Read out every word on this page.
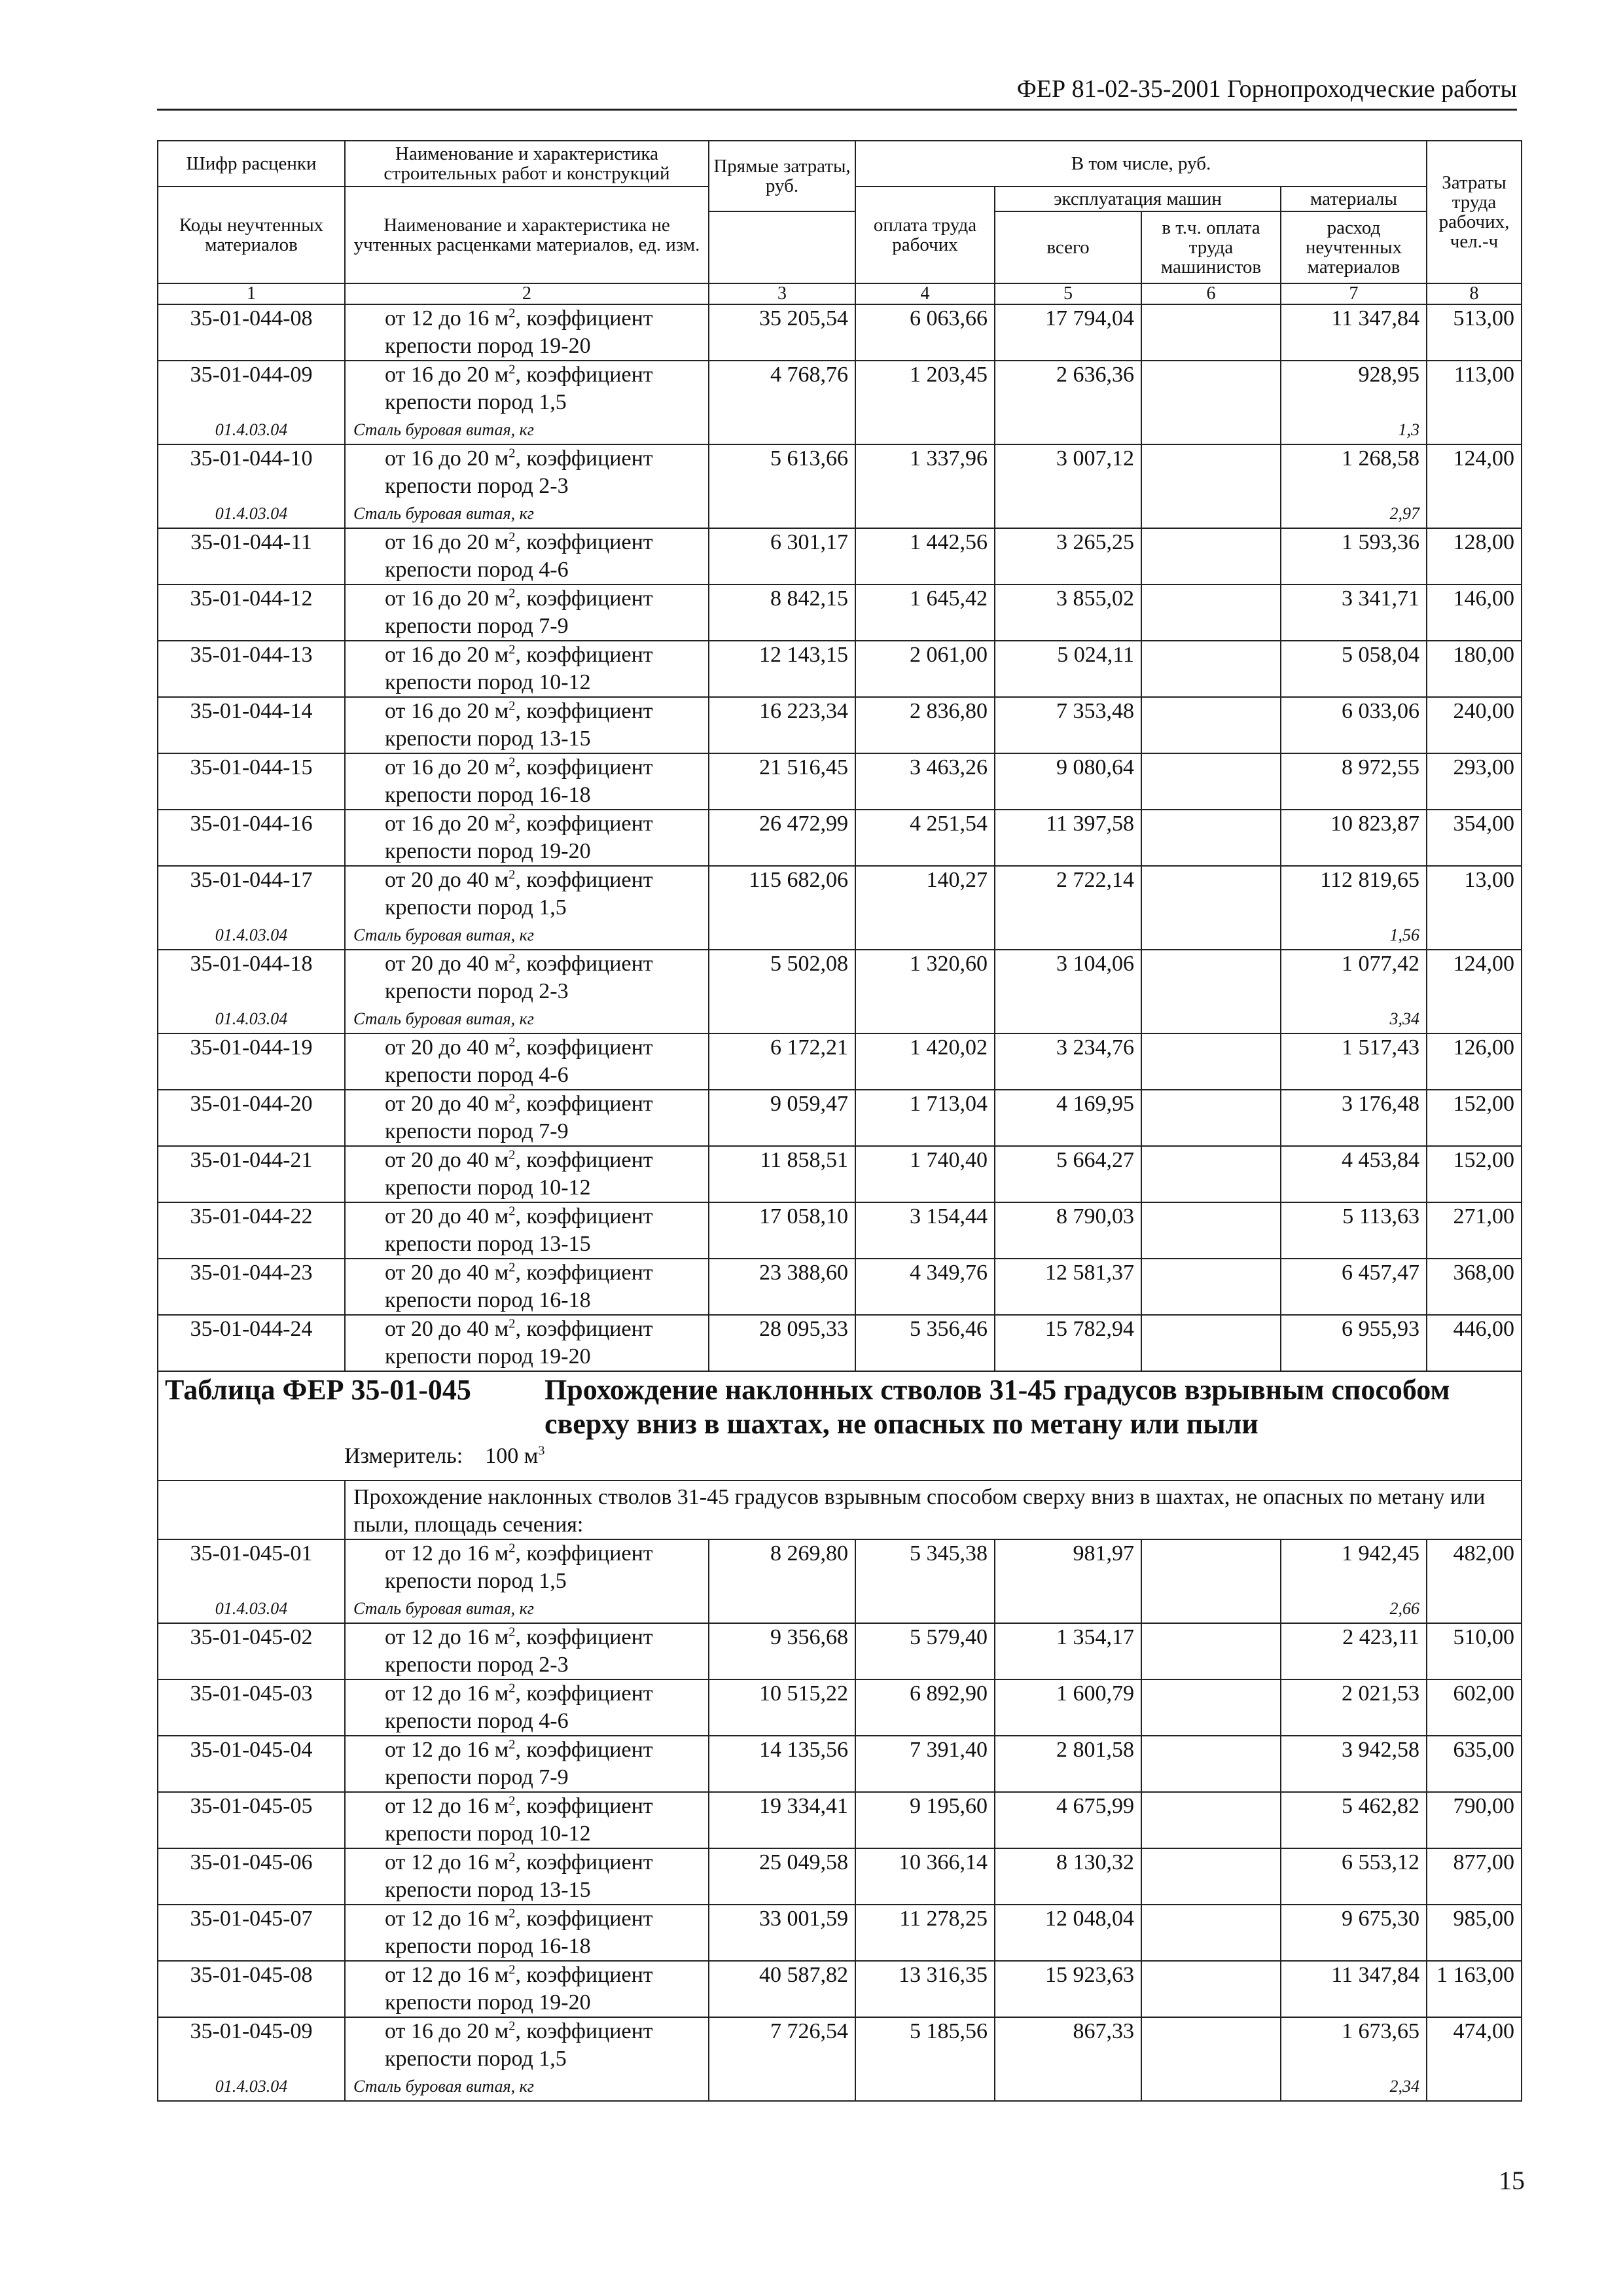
ФЕР 81-02-35-2001 Горнопроходческие работы
Шифр расценки	Наименование и характеристика строительных работ и конструкций	Прямые затраты, руб.	В том числе, руб.				Затраты труда рабочих, чел.-ч
Коды неучтенных материалов	Наименование и характеристика не учтенных расценками материалов, ед. изм.		оплата труда рабочих	эксплуатация машин		материалы	
				всего	в т.ч. оплата труда машинистов	расход неучтенных материалов	
1	2	3	4	5	6	7	8
35-01-044-08	от 12 до 16 $м^2$, коэффициент
крепости пород 19-20	35 205,54	6 063,66	17 794,04		11 347,84	513,00
35-01-044-09	от 16 до 20 $м^2$, коэффициент
крепости пород 1,5	4 768,76	1 203,45	2 636,36		928,95	113,00
01.4.03.04	Сталь буровая витая, кг					1,3	
35-01-044-10	от 16 до 20 $м^2$, коэффициент
крепости пород 2-3	5 613,66	1 337,96	3 007,12		1 268,58	124,00
01.4.03.04	Сталь буровая витая, кг					2,97	
35-01-044-11	от 16 до 20 $м^2$, коэффициент
крепости пород 4-6	6 301,17	1 442,56	3 265,25		1 593,36	128,00
35-01-044-12	от 16 до 20 $м^2$, коэффициент
крепости пород 7-9	8 842,15	1 645,42	3 855,02		3 341,71	146,00
35-01-044-13	от 16 до 20 $м^2$, коэффициент
крепости пород 10-12	12 143,15	2 061,00	5 024,11		5 058,04	180,00
35-01-044-14	от 16 до 20 $м^2$, коэффициент
крепости пород 13-15	16 223,34	2 836,80	7 353,48		6 033,06	240,00
35-01-044-15	от 16 до 20 $м^2$, коэффициент
крепости пород 16-18	21 516,45	3 463,26	9 080,64		8 972,55	293,00
35-01-044-16	от 16 до 20 $м^2$, коэффициент
крепости пород 19-20	26 472,99	4 251,54	11 397,58		10 823,87	354,00
35-01-044-17	от 20 до 40 $м^2$, коэффициент
крепости пород 1,5	115 682,06	140,27	2 722,14		112 819,65	13,00
01.4.03.04	Сталь буровая витая, кг					1,56	
35-01-044-18	от 20 до 40 $м^2$, коэффициент
крепости пород 2-3	5 502,08	1 320,60	3 104,06		1 077,42	124,00
01.4.03.04	Сталь буровая витая, кг					3,34	
35-01-044-19	от 20 до 40 $м^2$, коэффициент
крепости пород 4-6	6 172,21	1 420,02	3 234,76		1 517,43	126,00
35-01-044-20	от 20 до 40 $м^2$, коэффициент
крепости пород 7-9	9 059,47	1 713,04	4 169,95		3 176,48	152,00
35-01-044-21	от 20 до 40 $м^2$, коэффициент
крепости пород 10-12	11 858,51	1 740,40	5 664,27		4 453,84	152,00
35-01-044-22	от 20 до 40 $м^2$, коэффициент
крепости пород 13-15	17 058,10	3 154,44	8 790,03		5 113,63	271,00
35-01-044-23	от 20 до 40 $м^2$, коэффициент
крепости пород 16-18	23 388,60	4 349,76	12 581,37		6 457,47	368,00
35-01-044-24	от 20 до 40 $м^2$, коэффициент
крепости пород 19-20	28 095,33	5 356,46	15 782,94		6 955,93	446,00

Таблица ФЕР 35-01-045 Прохождение наклонных стволов 31-45 градусов взрывным способом сверху вниз в шахтах, не опасных по метану или пыли
Измеритель: 100 $м^3$

	Прохождение наклонных стволов 31-45 градусов взрывным способом сверху вниз в шахтах, не опасных по метану или пыли, площадь сечения:						
35-01-045-01	от 12 до 16 $м^2$, коэффициент
крепости пород 1,5	8 269,80	5 345,38	981,97		1 942,45	482,00
01.4.03.04	Сталь буровая витая, кг					2,66	
35-01-045-02	от 12 до 16 $м^2$, коэффициент
крепости пород 2-3	9 356,68	5 579,40	1 354,17		2 423,11	510,00
35-01-045-03	от 12 до 16 $м^2$, коэффициент
крепости пород 4-6	10 515,22	6 892,90	1 600,79		2 021,53	602,00
35-01-045-04	от 12 до 16 $м^2$, коэффициент
крепости пород 7-9	14 135,56	7 391,40	2 801,58		3 942,58	635,00
35-01-045-05	от 12 до 16 $м^2$, коэффициент
крепости пород 10-12	19 334,41	9 195,60	4 675,99		5 462,82	790,00
35-01-045-06	от 12 до 16 $м^2$, коэффициент
крепости пород 13-15	25 049,58	10 366,14	8 130,32		6 553,12	877,00
35-01-045-07	от 12 до 16 $м^2$, коэффициент
крепости пород 16-18	33 001,59	11 278,25	12 048,04		9 675,30	985,00
35-01-045-08	от 12 до 16 $м^2$, коэффициент
крепости пород 19-20	40 587,82	13 316,35	15 923,63		11 347,84	1 163,00
35-01-045-09	от 16 до 20 $м^2$, коэффициент
крепости пород 1,5	7 726,54	5 185,56	867,33		1 673,65	474,00
01.4.03.04	Сталь буровая витая, кг					2,34	
15
